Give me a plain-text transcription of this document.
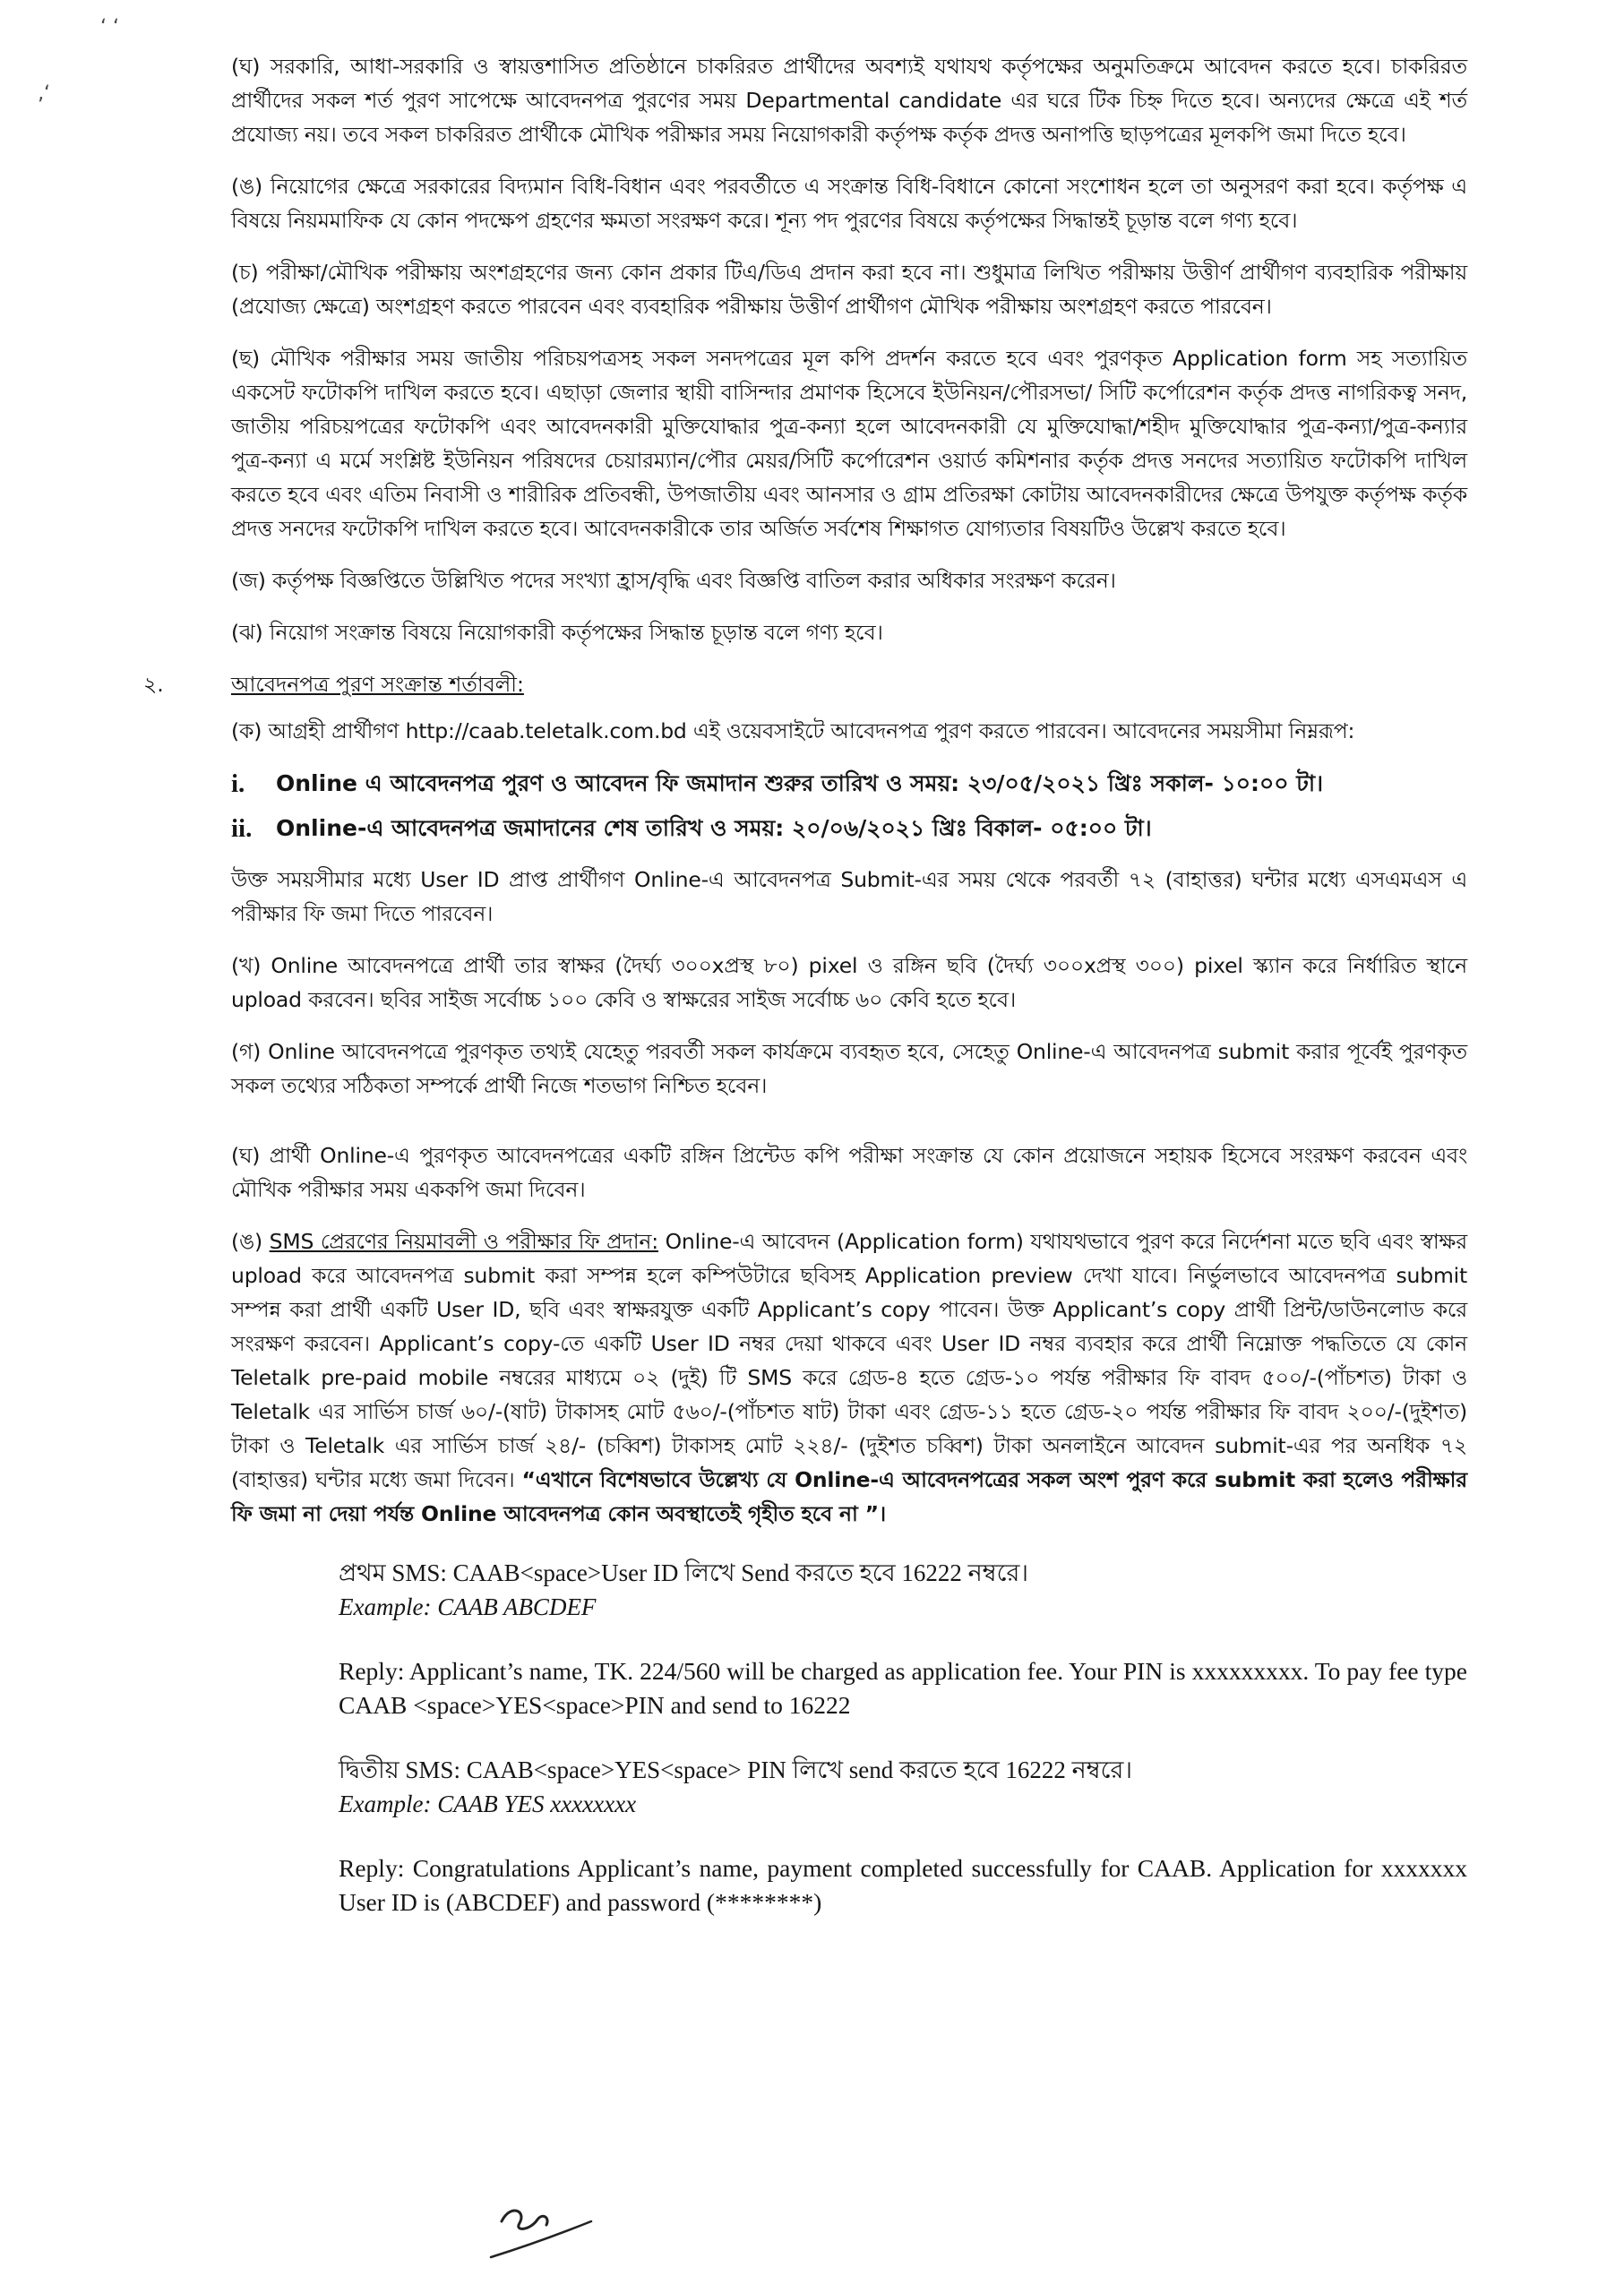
‘ ‘
‚‘

(ঘ) সরকারি, আধা-সরকারি ও স্বায়ত্তশাসিত প্রতিষ্ঠানে চাকরিরত প্রার্থীদের অবশ্যই যথাযথ কর্তৃপক্ষের অনুমতিক্রমে আবেদন করতে হবে। চাকরিরত প্রার্থীদের সকল শর্ত পুরণ সাপেক্ষে আবেদনপত্র পুরণের সময় Departmental candidate এর ঘরে টিক চিহ্ন দিতে হবে। অন্যদের ক্ষেত্রে এই শর্ত প্রযোজ্য নয়। তবে সকল চাকরিরত প্রার্থীকে মৌখিক পরীক্ষার সময় নিয়োগকারী কর্তৃপক্ষ কর্তৃক প্রদত্ত অনাপত্তি ছাড়পত্রের মূলকপি জমা দিতে হবে।

(ঙ) নিয়োগের ক্ষেত্রে সরকারের বিদ্যমান বিধি-বিধান এবং পরবর্তীতে এ সংক্রান্ত বিধি-বিধানে কোনো সংশোধন হলে তা অনুসরণ করা হবে। কর্তৃপক্ষ এ বিষয়ে নিয়মমাফিক যে কোন পদক্ষেপ গ্রহণের ক্ষমতা সংরক্ষণ করে। শূন্য পদ পুরণের বিষয়ে কর্তৃপক্ষের সিদ্ধান্তই চূড়ান্ত বলে গণ্য হবে।

(চ) পরীক্ষা/মৌখিক পরীক্ষায় অংশগ্রহণের জন্য কোন প্রকার টিএ/ডিএ প্রদান করা হবে না। শুধুমাত্র লিখিত পরীক্ষায় উত্তীর্ণ প্রার্থীগণ ব্যবহারিক পরীক্ষায় (প্রযোজ্য ক্ষেত্রে) অংশগ্রহণ করতে পারবেন এবং ব্যবহারিক পরীক্ষায় উত্তীর্ণ প্রার্থীগণ মৌখিক পরীক্ষায় অংশগ্রহণ করতে পারবেন।

(ছ) মৌখিক পরীক্ষার সময় জাতীয় পরিচয়পত্রসহ সকল সনদপত্রের মূল কপি প্রদর্শন করতে হবে এবং পুরণকৃত Application form সহ সত্যায়িত একসেট ফটোকপি দাখিল করতে হবে। এছাড়া জেলার স্থায়ী বাসিন্দার প্রমাণক হিসেবে ইউনিয়ন/পৌরসভা/ সিটি কর্পোরেশন কর্তৃক প্রদত্ত নাগরিকত্ব সনদ, জাতীয় পরিচয়পত্রের ফটোকপি এবং আবেদনকারী মুক্তিযোদ্ধার পুত্র-কন্যা হলে আবেদনকারী যে মুক্তিযোদ্ধা/শহীদ মুক্তিযোদ্ধার পুত্র-কন্যা/পুত্র-কন্যার পুত্র-কন্যা এ মর্মে সংশ্লিষ্ট ইউনিয়ন পরিষদের চেয়ারম্যান/পৌর মেয়র/সিটি কর্পোরেশন ওয়ার্ড কমিশনার কর্তৃক প্রদত্ত সনদের সত্যায়িত ফটোকপি দাখিল করতে হবে এবং এতিম নিবাসী ও শারীরিক প্রতিবন্ধী, উপজাতীয় এবং আনসার ও গ্রাম প্রতিরক্ষা কোটায় আবেদনকারীদের ক্ষেত্রে উপযুক্ত কর্তৃপক্ষ কর্তৃক প্রদত্ত সনদের ফটোকপি দাখিল করতে হবে। আবেদনকারীকে তার অর্জিত সর্বশেষ শিক্ষাগত যোগ্যতার বিষয়টিও উল্লেখ করতে হবে।

(জ) কর্তৃপক্ষ বিজ্ঞপ্তিতে উল্লিখিত পদের সংখ্যা হ্রাস/বৃদ্ধি এবং বিজ্ঞপ্তি বাতিল করার অধিকার সংরক্ষণ করেন।

(ঝ) নিয়োগ সংক্রান্ত বিষয়ে নিয়োগকারী কর্তৃপক্ষের সিদ্ধান্ত চূড়ান্ত বলে গণ্য হবে।

২.	আবেদনপত্র পুরণ সংক্রান্ত শর্তাবলী:

(ক) আগ্রহী প্রার্থীগণ http://caab.teletalk.com.bd এই ওয়েবসাইটে আবেদনপত্র পুরণ করতে পারবেন। আবেদনের সময়সীমা নিম্নরূপ:

i. Online এ আবেদনপত্র পুরণ ও আবেদন ফি জমাদান শুরুর তারিখ ও সময়: ২৩/০৫/২০২১ খ্রিঃ সকাল- ১০:০০ টা।
ii. Online-এ আবেদনপত্র জমাদানের শেষ তারিখ ও সময়: ২০/০৬/২০২১ খ্রিঃ বিকাল- ০৫:০০ টা।

উক্ত সময়সীমার মধ্যে User ID প্রাপ্ত প্রার্থীগণ Online-এ আবেদনপত্র Submit-এর সময় থেকে পরবর্তী ৭২ (বাহাত্তর) ঘন্টার মধ্যে এসএমএস এ পরীক্ষার ফি জমা দিতে পারবেন।

(খ) Online আবেদনপত্রে প্রার্থী তার স্বাক্ষর (দৈর্ঘ্য ৩০০xপ্রস্থ ৮০) pixel ও রঙ্গিন ছবি (দৈর্ঘ্য ৩০০xপ্রস্থ ৩০০) pixel স্ক্যান করে নির্ধারিত স্থানে upload করবেন। ছবির সাইজ সর্বোচ্চ ১০০ কেবি ও স্বাক্ষরের সাইজ সর্বোচ্চ ৬০ কেবি হতে হবে।

(গ) Online আবেদনপত্রে পুরণকৃত তথ্যই যেহেতু পরবর্তী সকল কার্যক্রমে ব্যবহৃত হবে, সেহেতু Online-এ আবেদনপত্র submit করার পূর্বেই পুরণকৃত সকল তথ্যের সঠিকতা সম্পর্কে প্রার্থী নিজে শতভাগ নিশ্চিত হবেন।

(ঘ) প্রার্থী Online-এ পুরণকৃত আবেদনপত্রের একটি রঙ্গিন প্রিন্টেড কপি পরীক্ষা সংক্রান্ত যে কোন প্রয়োজনে সহায়ক হিসেবে সংরক্ষণ করবেন এবং মৌখিক পরীক্ষার সময় এককপি জমা দিবেন।

(ঙ) SMS প্রেরণের নিয়মাবলী ও পরীক্ষার ফি প্রদান: Online-এ আবেদন (Application form) যথাযথভাবে পুরণ করে নির্দেশনা মতে ছবি এবং স্বাক্ষর upload করে আবেদনপত্র submit করা সম্পন্ন হলে কম্পিউটারে ছবিসহ Application preview দেখা যাবে। নির্ভুলভাবে আবেদনপত্র submit সম্পন্ন করা প্রার্থী একটি User ID, ছবি এবং স্বাক্ষরযুক্ত একটি Applicant’s copy পাবেন। উক্ত Applicant’s copy প্রার্থী প্রিন্ট/ডাউনলোড করে সংরক্ষণ করবেন। Applicant’s copy-তে একটি User ID নম্বর দেয়া থাকবে এবং User ID নম্বর ব্যবহার করে প্রার্থী নিম্নোক্ত পদ্ধতিতে যে কোন Teletalk pre-paid mobile নম্বরের মাধ্যমে ০২ (দুই) টি SMS করে গ্রেড-৪ হতে গ্রেড-১০ পর্যন্ত পরীক্ষার ফি বাবদ ৫০০/-(পাঁচশত) টাকা ও Teletalk এর সার্ভিস চার্জ ৬০/-(ষাট) টাকাসহ মোট ৫৬০/-(পাঁচশত ষাট) টাকা এবং গ্রেড-১১ হতে গ্রেড-২০ পর্যন্ত পরীক্ষার ফি বাবদ ২০০/-(দুইশত) টাকা ও Teletalk এর সার্ভিস চার্জ ২৪/- (চব্বিশ) টাকাসহ মোট ২২৪/- (দুইশত চব্বিশ) টাকা অনলাইনে আবেদন submit-এর পর অনধিক ৭২ (বাহাত্তর) ঘন্টার মধ্যে জমা দিবেন। “এখানে বিশেষভাবে উল্লেখ্য যে Online-এ আবেদনপত্রের সকল অংশ পুরণ করে submit করা হলেও পরীক্ষার ফি জমা না দেয়া পর্যন্ত Online আবেদনপত্র কোন অবস্থাতেই গৃহীত হবে না ”।

প্রথম SMS: CAAB<space>User ID লিখে Send করতে হবে 16222 নম্বরে।

Example: CAAB ABCDEF

Reply: Applicant’s name, TK. 224/560 will be charged as application fee. Your PIN is xxxxxxxxx. To pay fee type CAAB <space>YES<space>PIN and send to 16222

দ্বিতীয় SMS: CAAB<space>YES<space> PIN লিখে send করতে হবে 16222 নম্বরে।

Example: CAAB YES xxxxxxxx

Reply: Congratulations Applicant’s name, payment completed successfully for CAAB. Application for xxxxxxx User ID is (ABCDEF) and password (********)
